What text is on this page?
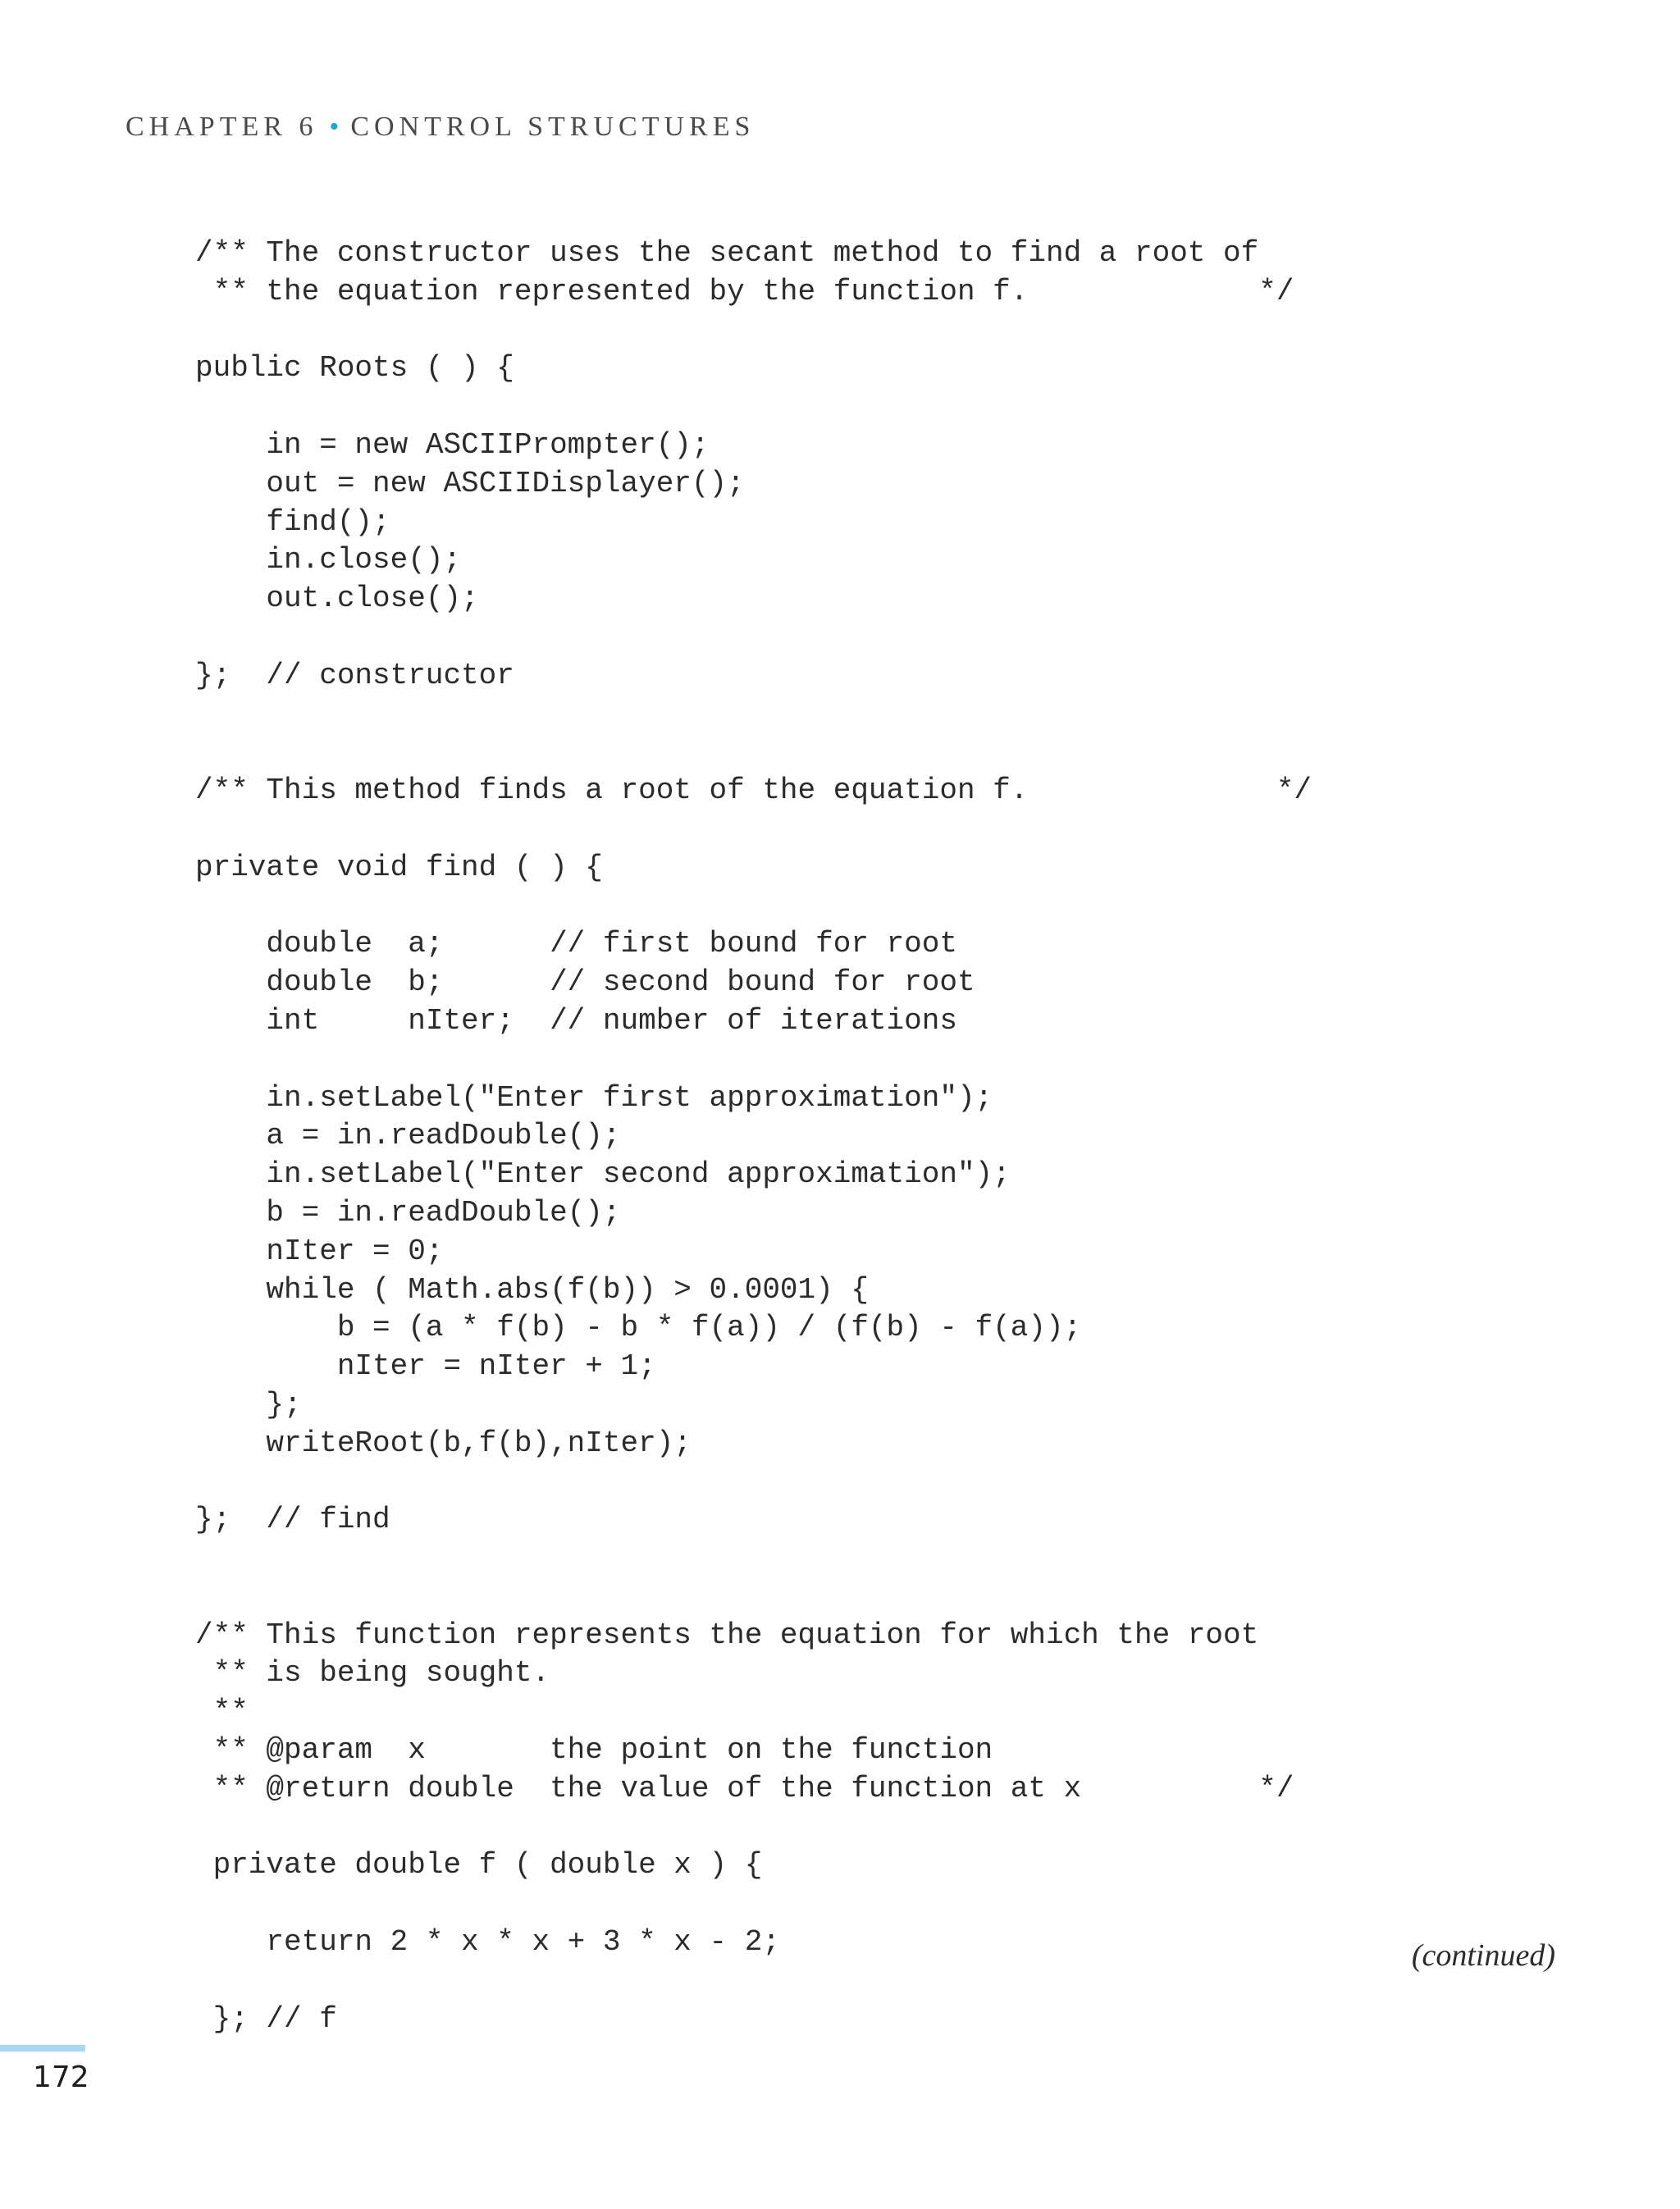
CHAPTER 6 • CONTROL STRUCTURES
/** The constructor uses the secant method to find a root of
** the equation represented by the function f.             */
public Roots ( ) {
in = new ASCIIPrompter();
out = new ASCIIDisplayer();
find();
in.close();
out.close();
};  // constructor
/** This method finds a root of the equation f.              */
private void find ( ) {
double  a;      // first bound for root
double  b;      // second bound for root
int     nIter;  // number of iterations
in.setLabel("Enter first approximation");
a = in.readDouble();
in.setLabel("Enter second approximation");
b = in.readDouble();
nIter = 0;
while ( Math.abs(f(b)) > 0.0001) {
b = (a * f(b) - b * f(a)) / (f(b) - f(a));
nIter = nIter + 1;
};
writeRoot(b,f(b),nIter);
};  // find
/** This function represents the equation for which the root
** is being sought.
**
** @param  x       the point on the function
** @return double  the value of the function at x          */
private double f ( double x ) {
return 2 * x * x + 3 * x - 2;
}; // f
(continued)
172
